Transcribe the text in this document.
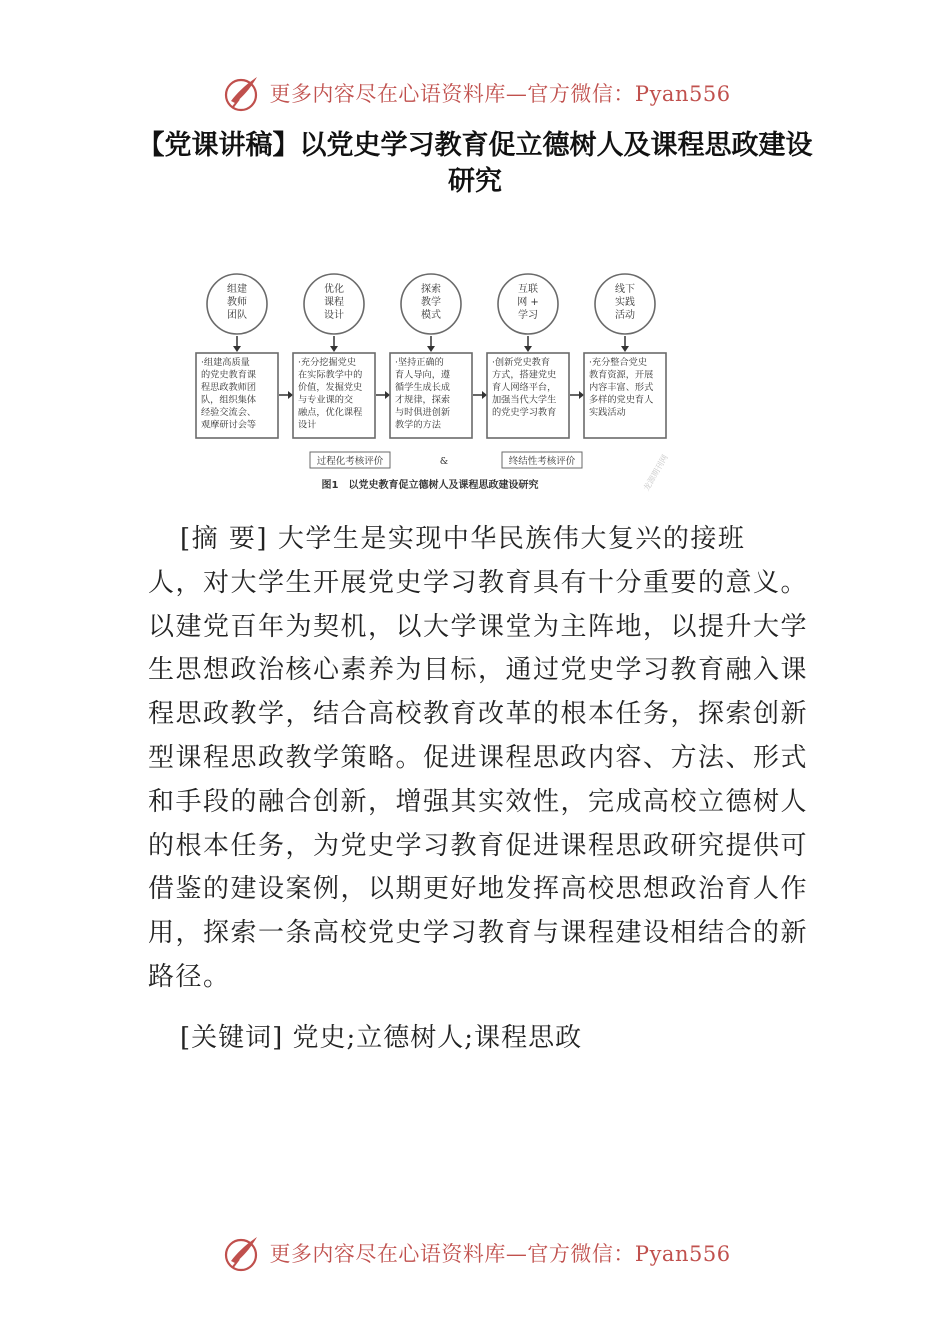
更多内容尽在心语资料库—官方微信：Pyan556
【党课讲稿】以党史学习教育促立德树人及课程思政建设研究
组建
教师
团队
·组建高质量
的党史教育课
程思政教师团
队，组织集体
经验交流会、
观摩研讨会等
优化
课程
设计
·充分挖掘党史
在实际教学中的
价值，发掘党史
与专业课的交
融点，优化课程
设计
探索
教学
模式
·坚持正确的
育人导向，遵
循学生成长成
才规律，探索
与时俱进创新
教学的方法
互联
网 +
学习
·创新党史教育
方式，搭建党史
育人网络平台，
加强当代大学生
的党史学习教育
线下
实践
活动
·充分整合党史
教育资源，开展
内容丰富、形式
多样的党史育人
实践活动
过程化考核评价	&	终结性考核评价	龙源期刊网
图1　以党史教育促立德树人及课程思政建设研究
[摘 要] 大学生是实现中华民族伟大复兴的接班
人，对大学生开展党史学习教育具有十分重要的意义。以建党百年为契机，以大学课堂为主阵地，以提升大学生思想政治核心素养为目标，通过党史学习教育融入课程思政教学，结合高校教育改革的根本任务，探索创新型课程思政教学策略。促进课程思政内容、方法、形式和手段的融合创新，增强其实效性，完成高校立德树人的根本任务，为党史学习教育促进课程思政研究提供可借鉴的建设案例，以期更好地发挥高校思想政治育人作用，探索一条高校党史学习教育与课程建设相结合的新路径。
[关键词] 党史;立德树人;课程思政
更多内容尽在心语资料库—官方微信：Pyan556
